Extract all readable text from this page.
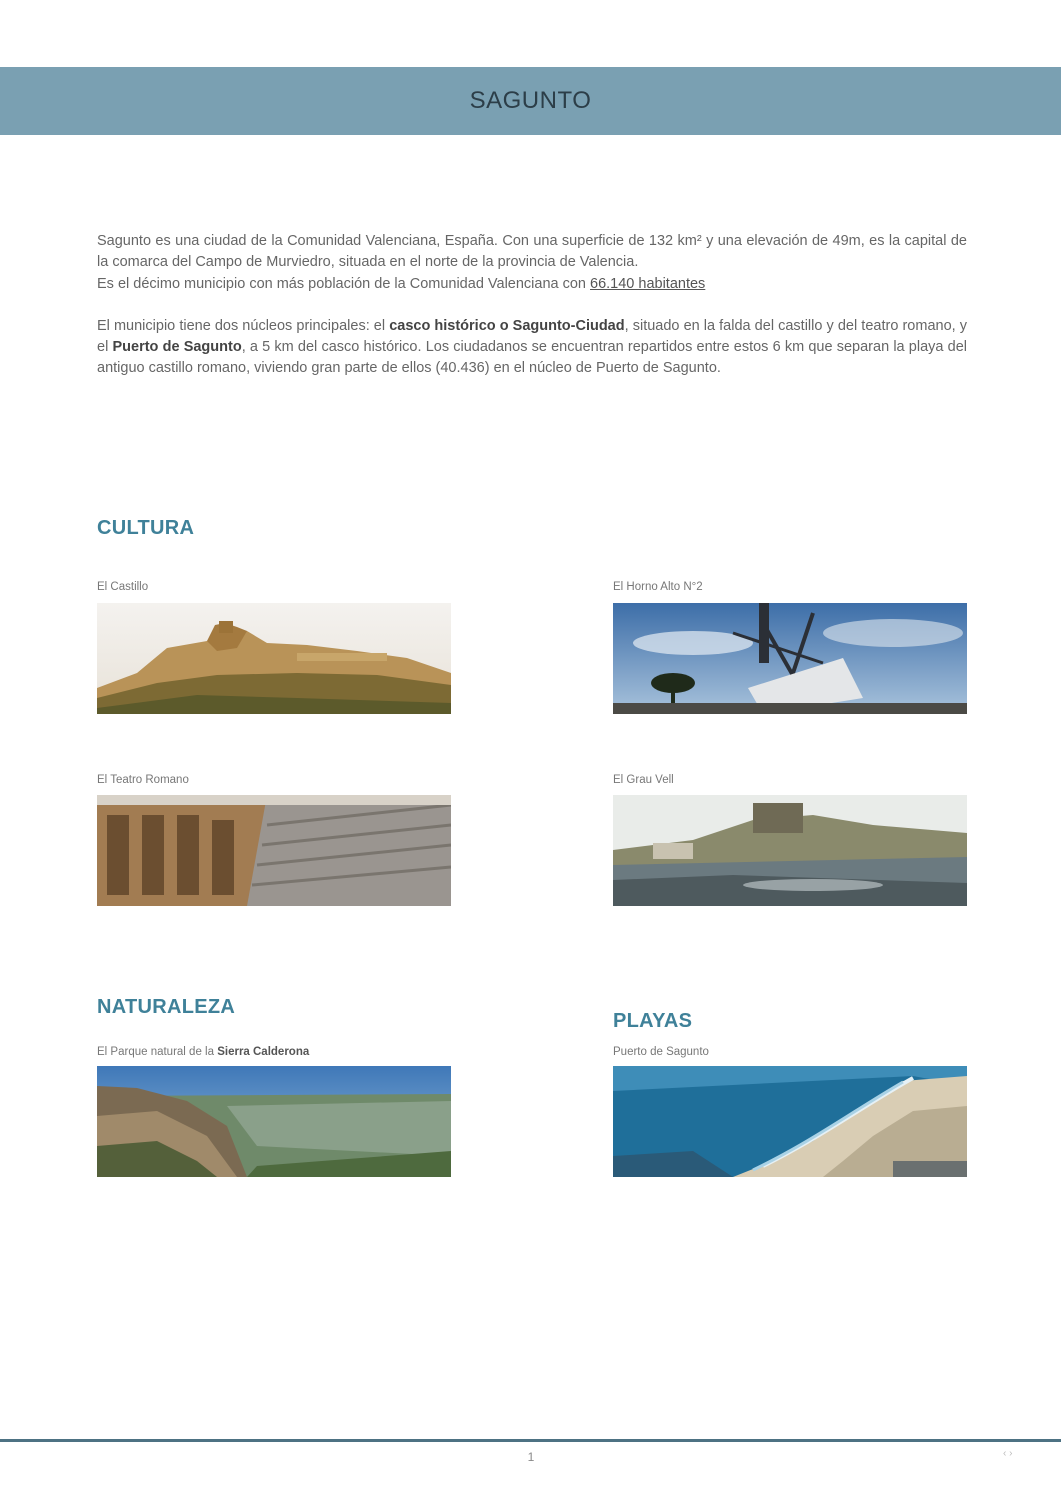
SAGUNTO

Sagunto es una ciudad de la Comunidad Valenciana, España. Con una superficie de 132 km² y una elevación de 49m, es la capital de la comarca del Campo de Murviedro, situada en el norte de la provincia de Valencia.
Es el décimo municipio con más población de la Comunidad Valenciana con 66.140 habitantes

El municipio tiene dos núcleos principales: el casco histórico o Sagunto-Ciudad, situado en la falda del castillo y del teatro romano, y el Puerto de Sagunto, a 5 km del casco histórico. Los ciudadanos se encuentran repartidos entre estos 6 km que separan la playa del antiguo castillo romano, viviendo gran parte de ellos (40.436) en el núcleo de Puerto de Sagunto.

CULTURA
El Castillo	El Horno Alto N°2
El Teatro Romano	El Grau Vell
NATURALEZA
El Parque natural de la Sierra Calderona
PLAYAS
Puerto de Sagunto
1	‹ ›
